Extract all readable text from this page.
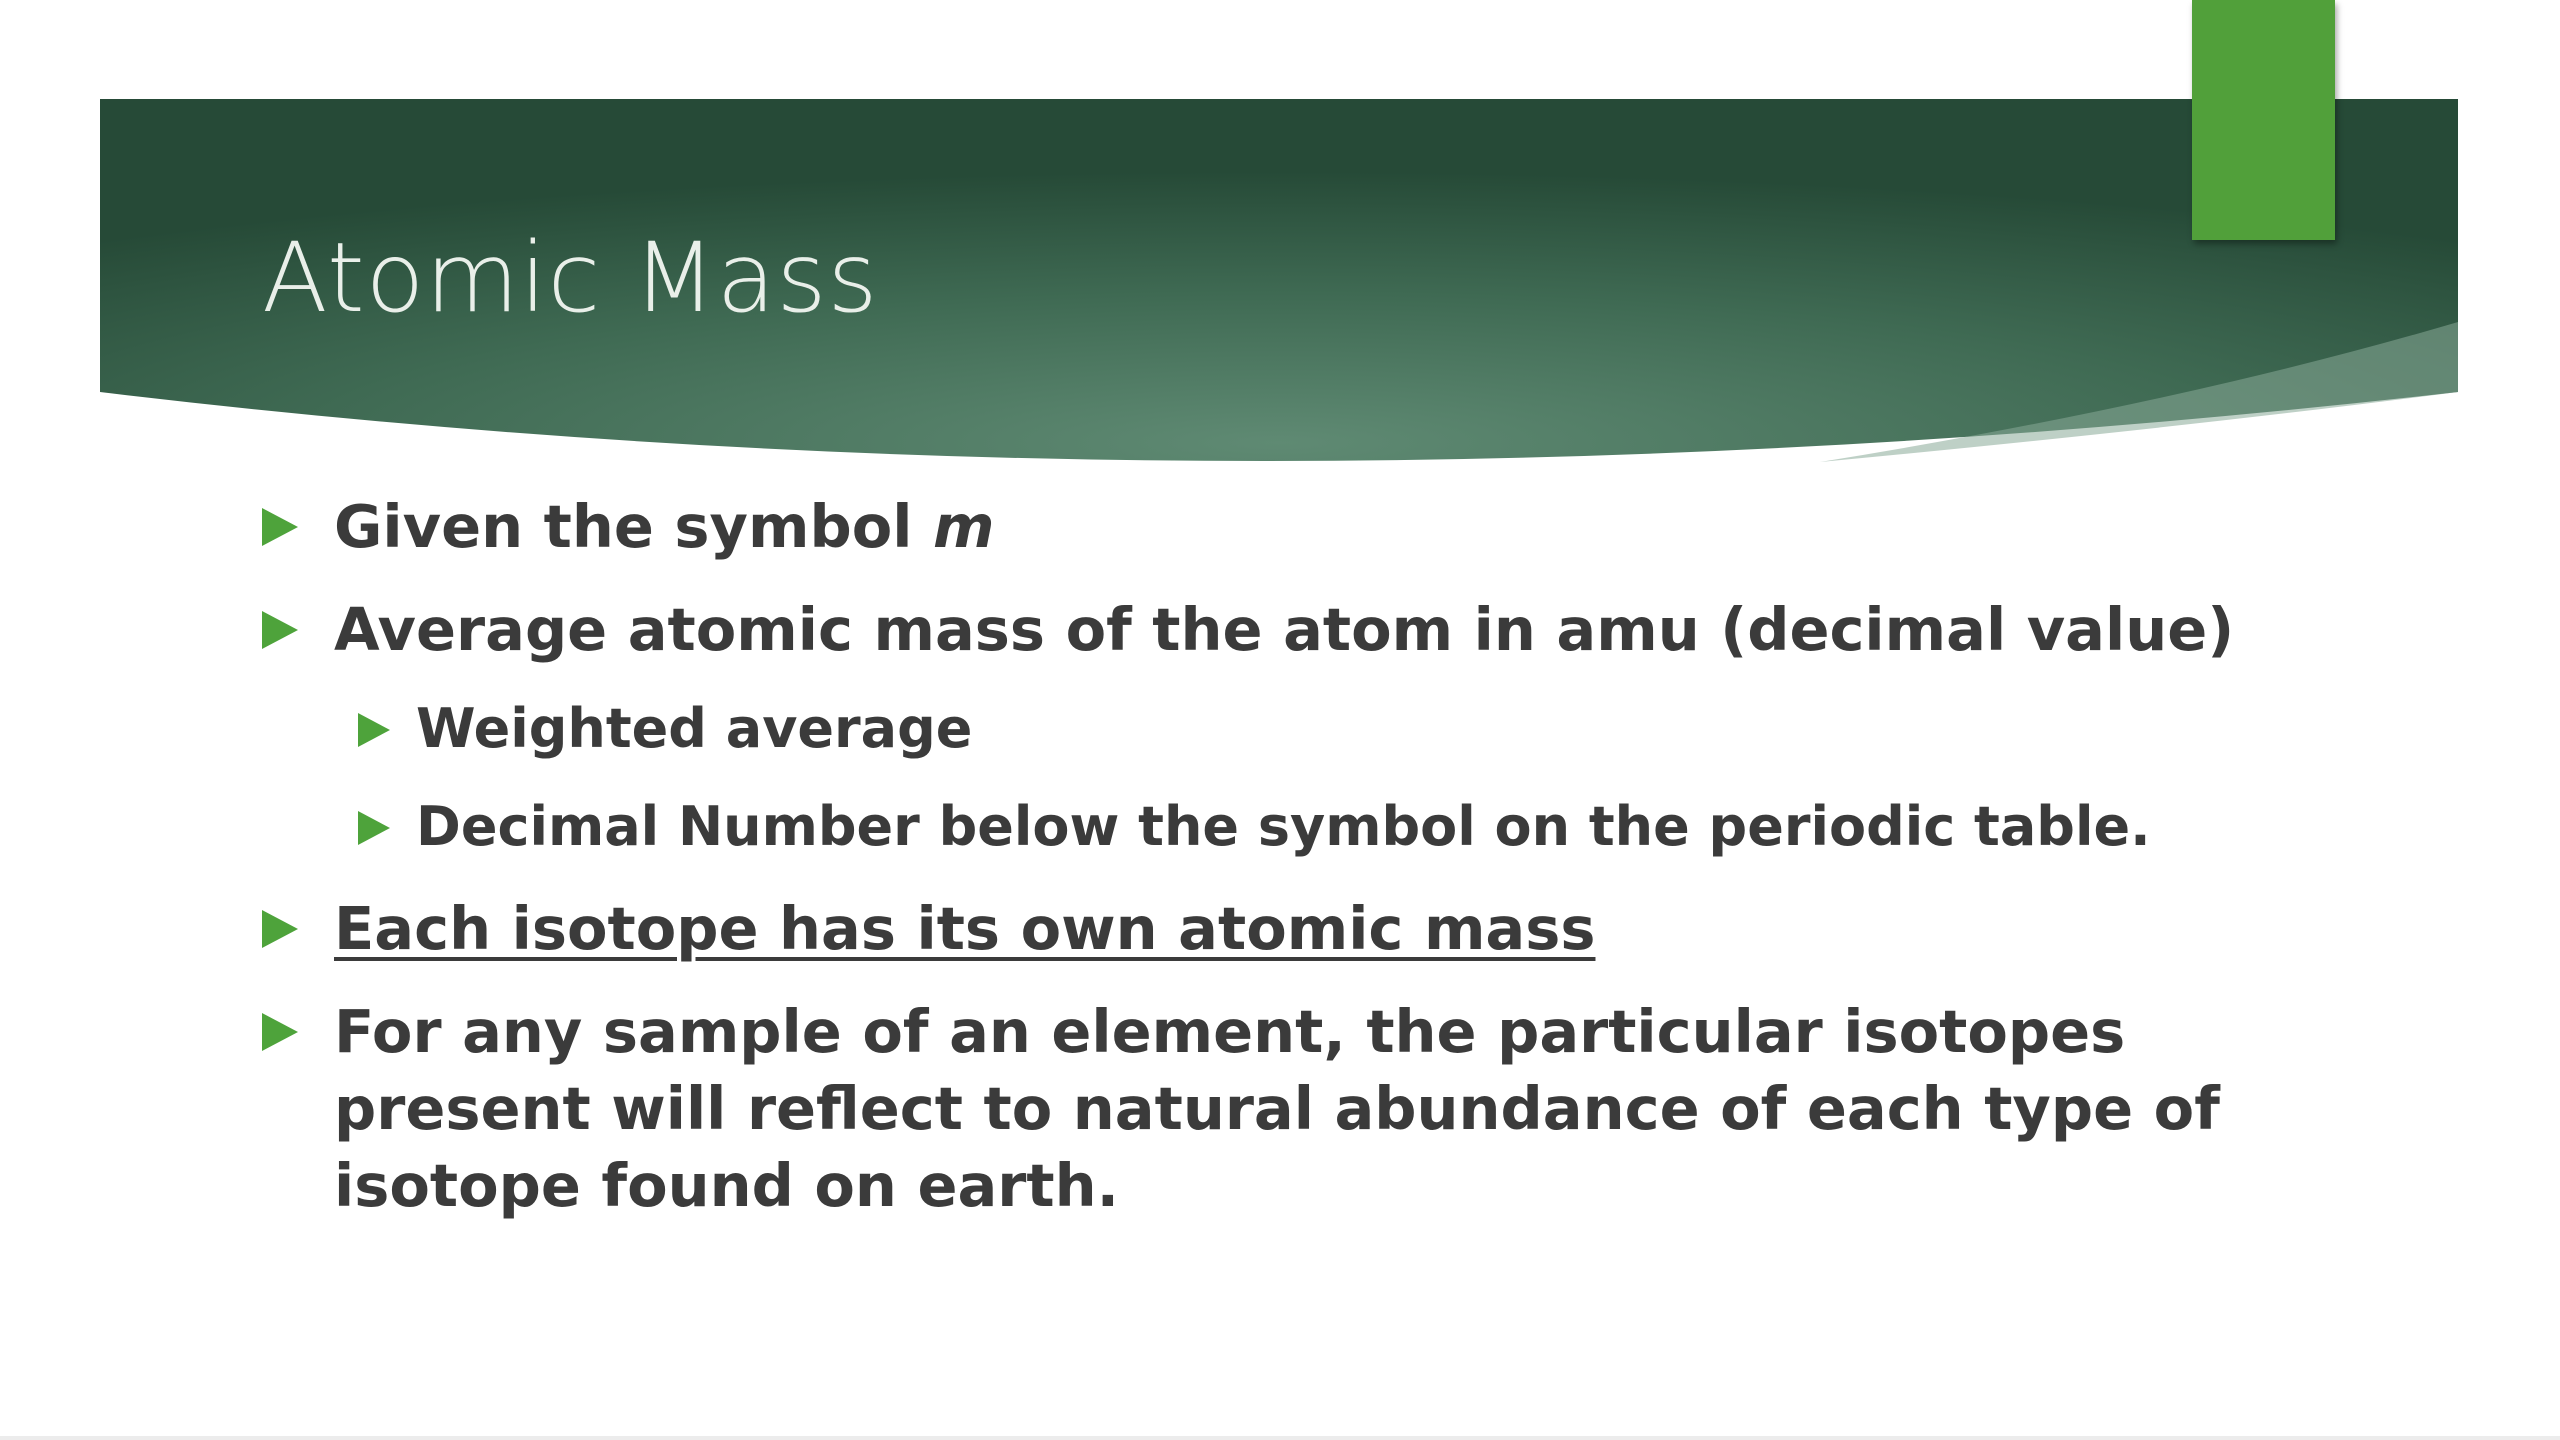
Atomic Mass
Given the symbol m
Average atomic mass of the atom in amu (decimal value)
Weighted average
Decimal Number below the symbol on the periodic table.
Each isotope has its own atomic mass
For any sample of an element, the particular isotopes present will reflect to natural abundance of each type of isotope found on earth.
